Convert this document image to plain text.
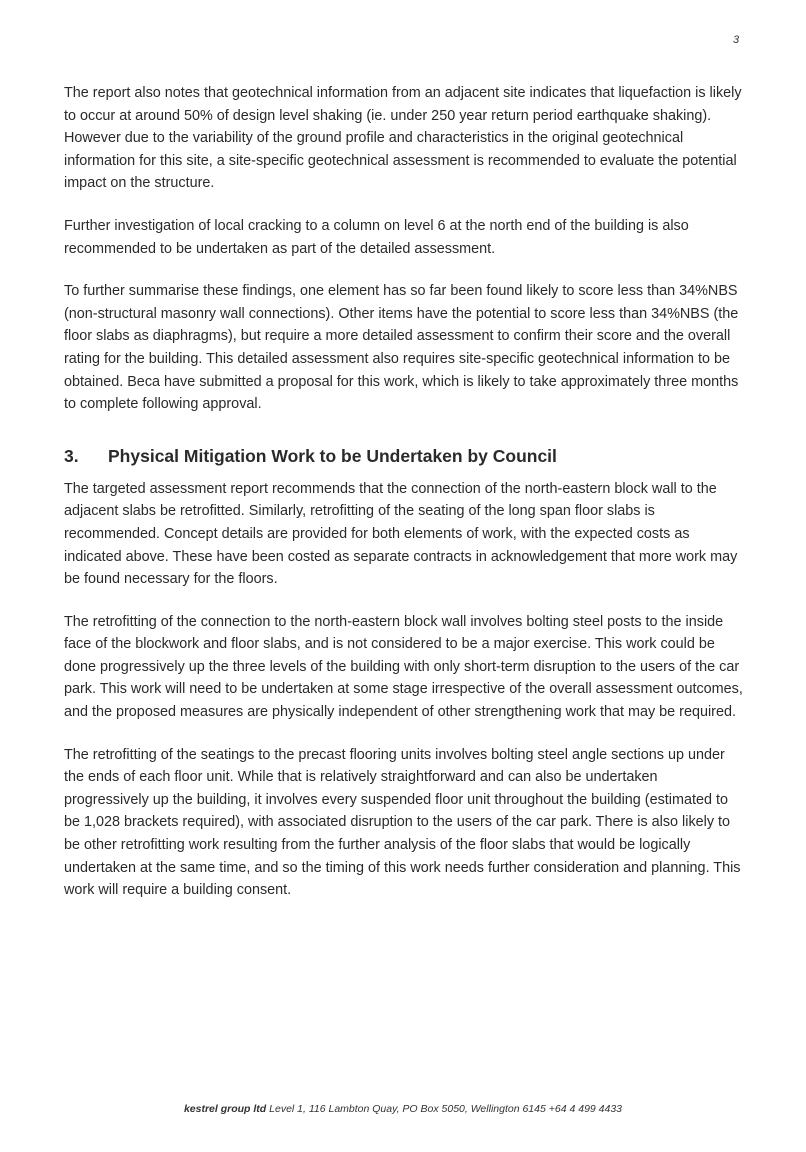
3

The report also notes that geotechnical information from an adjacent site indicates that liquefaction is likely to occur at around 50% of design level shaking (ie. under 250 year return period earthquake shaking). However due to the variability of the ground profile and characteristics in the original geotechnical information for this site, a site-specific geotechnical assessment is recommended to evaluate the potential impact on the structure.

Further investigation of local cracking to a column on level 6 at the north end of the building is also recommended to be undertaken as part of the detailed assessment.

To further summarise these findings, one element has so far been found likely to score less than 34%NBS (non-structural masonry wall connections). Other items have the potential to score less than 34%NBS (the floor slabs as diaphragms), but require a more detailed assessment to confirm their score and the overall rating for the building. This detailed assessment also requires site-specific geotechnical information to be obtained. Beca have submitted a proposal for this work, which is likely to take approximately three months to complete following approval.

3.	Physical Mitigation Work to be Undertaken by Council

The targeted assessment report recommends that the connection of the north-eastern block wall to the adjacent slabs be retrofitted. Similarly, retrofitting of the seating of the long span floor slabs is recommended. Concept details are provided for both elements of work, with the expected costs as indicated above. These have been costed as separate contracts in acknowledgement that more work may be found necessary for the floors.

The retrofitting of the connection to the north-eastern block wall involves bolting steel posts to the inside face of the blockwork and floor slabs, and is not considered to be a major exercise. This work could be done progressively up the three levels of the building with only short-term disruption to the users of the car park. This work will need to be undertaken at some stage irrespective of the overall assessment outcomes, and the proposed measures are physically independent of other strengthening work that may be required.

The retrofitting of the seatings to the precast flooring units involves bolting steel angle sections up under the ends of each floor unit. While that is relatively straightforward and can also be undertaken progressively up the building, it involves every suspended floor unit throughout the building (estimated to be 1,028 brackets required), with associated disruption to the users of the car park. There is also likely to be other retrofitting work resulting from the further analysis of the floor slabs that would be logically undertaken at the same time, and so the timing of this work needs further consideration and planning. This work will require a building consent.

kestrel group ltd Level 1, 116 Lambton Quay, PO Box 5050, Wellington 6145 +64 4 499 4433
